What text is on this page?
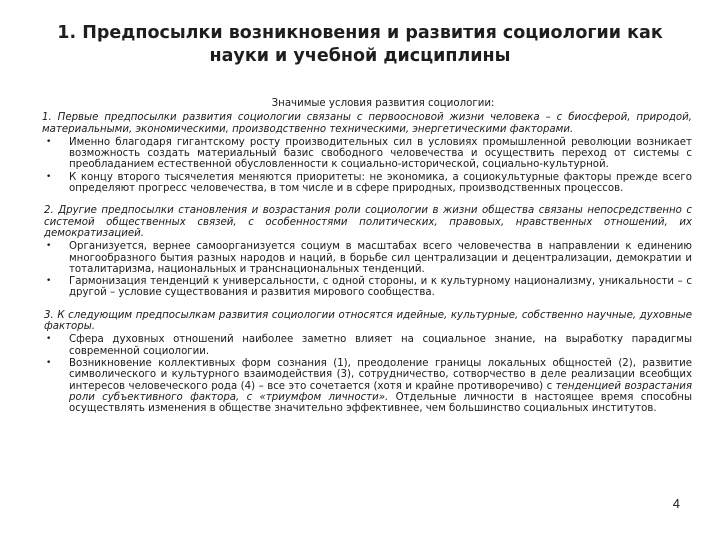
1. Предпосылки возникновения и развития социологии как науки и учебной дисциплины
Значимые условия развития социологии:
1. Первые предпосылки развития социологии связаны с первоосновой жизни человека – с биосферой, природой, материальными, экономическими, производственно техническими, энергетическими факторами.
• Именно благодаря гигантскому росту производительных сил в условиях промышленной революции возникает возможность создать материальный базис свободного человечества и осуществить переход от системы с преобладанием естественной обусловленности к социально-исторической, социально-культурной.
• К концу второго тысячелетия меняются приоритеты: не экономика, а социокультурные факторы прежде всего определяют прогресс человечества, в том числе и в сфере природных, производственных процессов.
2. Другие предпосылки становления и возрастания роли социологии в жизни общества связаны непосредственно с системой общественных связей, с особенностями политических, правовых, нравственных отношений, их демократизацией.
• Организуется, вернее самоорганизуется социум в масштабах всего человечества в направлении к единению многообразного бытия разных народов и наций, в борьбе сил централизации и децентрализации, демократии и тоталитаризма, национальных и транснациональных тенденций.
• Гармонизация тенденций к универсальности, с одной стороны, и к культурному национализму, уникальности – с другой – условие существования и развития мирового сообщества.
3. К следующим предпосылкам развития социологии относятся идейные, культурные, собственно научные, духовные факторы.
• Сфера духовных отношений наиболее заметно влияет на социальное знание, на выработку парадигмы современной социологии.
• Возникновение коллективных форм сознания (1), преодоление границы локальных общностей (2), развитие символического и культурного взаимодействия (3), сотрудничество, сотворчество в деле реализации всеобщих интересов человеческого рода (4) – все это сочетается (хотя и крайне противоречиво) с тенденцией возрастания роли субъективного фактора, с «триумфом личности». Отдельные личности в настоящее время способны осуществлять изменения в обществе значительно эффективнее, чем большинство социальных институтов.
4
